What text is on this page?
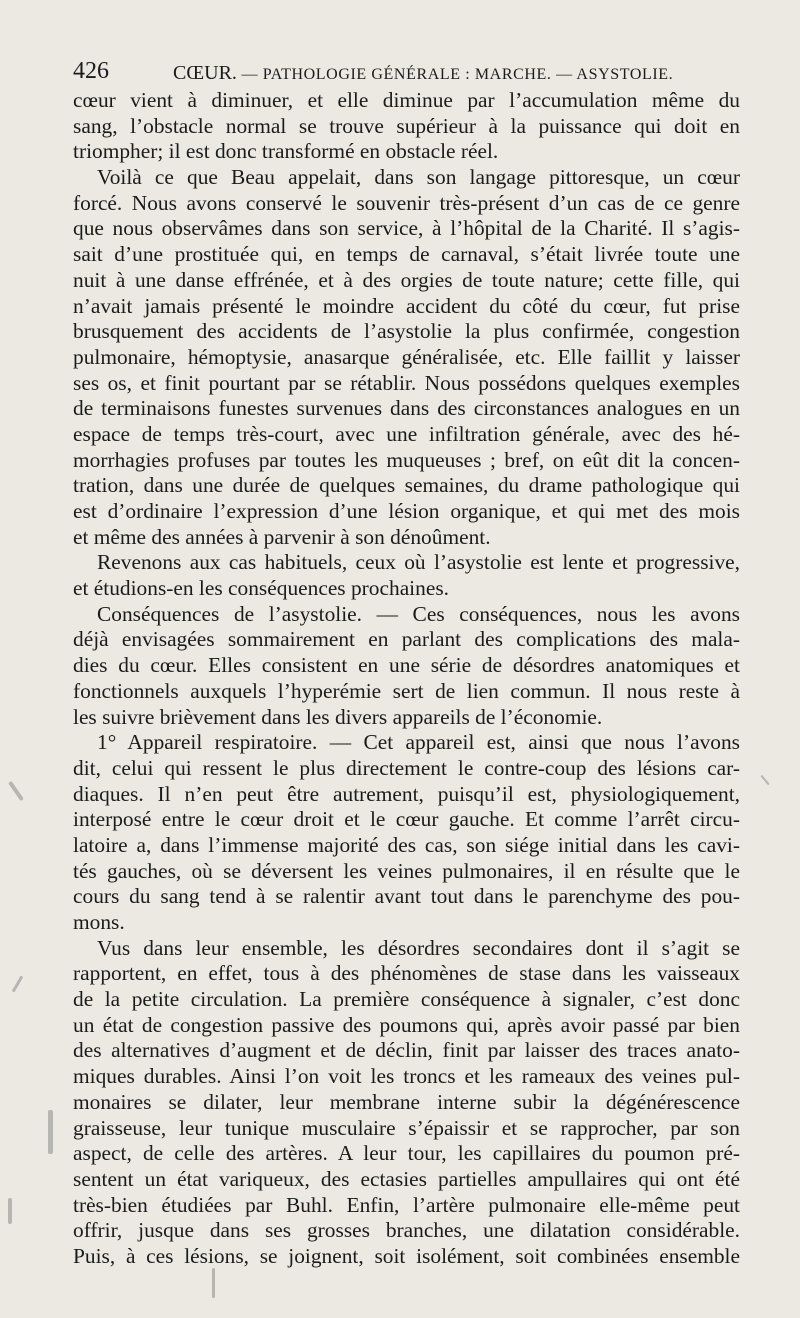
426	CŒUR. — PATHOLOGIE GÉNÉRALE : MARCHE. — ASYSTOLIE.
cœur vient à diminuer, et elle diminue par l’accumulation même du
sang, l’obstacle normal se trouve supérieur à la puissance qui doit en
triompher; il est donc transformé en obstacle réel.
Voilà ce que Beau appelait, dans son langage pittoresque, un cœur
forcé. Nous avons conservé le souvenir très-présent d’un cas de ce genre
que nous observâmes dans son service, à l’hôpital de la Charité. Il s’agis-
sait d’une prostituée qui, en temps de carnaval, s’était livrée toute une
nuit à une danse effrénée, et à des orgies de toute nature; cette fille, qui
n’avait jamais présenté le moindre accident du côté du cœur, fut prise
brusquement des accidents de l’asystolie la plus confirmée, congestion
pulmonaire, hémoptysie, anasarque généralisée, etc. Elle faillit y laisser
ses os, et finit pourtant par se rétablir. Nous possédons quelques exemples
de terminaisons funestes survenues dans des circonstances analogues en un
espace de temps très-court, avec une infiltration générale, avec des hé-
morrhagies profuses par toutes les muqueuses ; bref, on eût dit la concen-
tration, dans une durée de quelques semaines, du drame pathologique qui
est d’ordinaire l’expression d’une lésion organique, et qui met des mois
et même des années à parvenir à son dénoûment.
Revenons aux cas habituels, ceux où l’asystolie est lente et progressive,
et étudions-en les conséquences prochaines.
Conséquences de l’asystolie. — Ces conséquences, nous les avons
déjà envisagées sommairement en parlant des complications des mala-
dies du cœur. Elles consistent en une série de désordres anatomiques et
fonctionnels auxquels l’hyperémie sert de lien commun. Il nous reste à
les suivre brièvement dans les divers appareils de l’économie.
1° Appareil respiratoire. — Cet appareil est, ainsi que nous l’avons
dit, celui qui ressent le plus directement le contre-coup des lésions car-
diaques. Il n’en peut être autrement, puisqu’il est, physiologiquement,
interposé entre le cœur droit et le cœur gauche. Et comme l’arrêt circu-
latoire a, dans l’immense majorité des cas, son siége initial dans les cavi-
tés gauches, où se déversent les veines pulmonaires, il en résulte que le
cours du sang tend à se ralentir avant tout dans le parenchyme des pou-
mons.
Vus dans leur ensemble, les désordres secondaires dont il s’agit se
rapportent, en effet, tous à des phénomènes de stase dans les vaisseaux
de la petite circulation. La première conséquence à signaler, c’est donc
un état de congestion passive des poumons qui, après avoir passé par bien
des alternatives d’augment et de déclin, finit par laisser des traces anato-
miques durables. Ainsi l’on voit les troncs et les rameaux des veines pul-
monaires se dilater, leur membrane interne subir la dégénérescence
graisseuse, leur tunique musculaire s’épaissir et se rapprocher, par son
aspect, de celle des artères. A leur tour, les capillaires du poumon pré-
sentent un état variqueux, des ectasies partielles ampullaires qui ont été
très-bien étudiées par Buhl. Enfin, l’artère pulmonaire elle-même peut
offrir, jusque dans ses grosses branches, une dilatation considérable.
Puis, à ces lésions, se joignent, soit isolément, soit combinées ensemble
